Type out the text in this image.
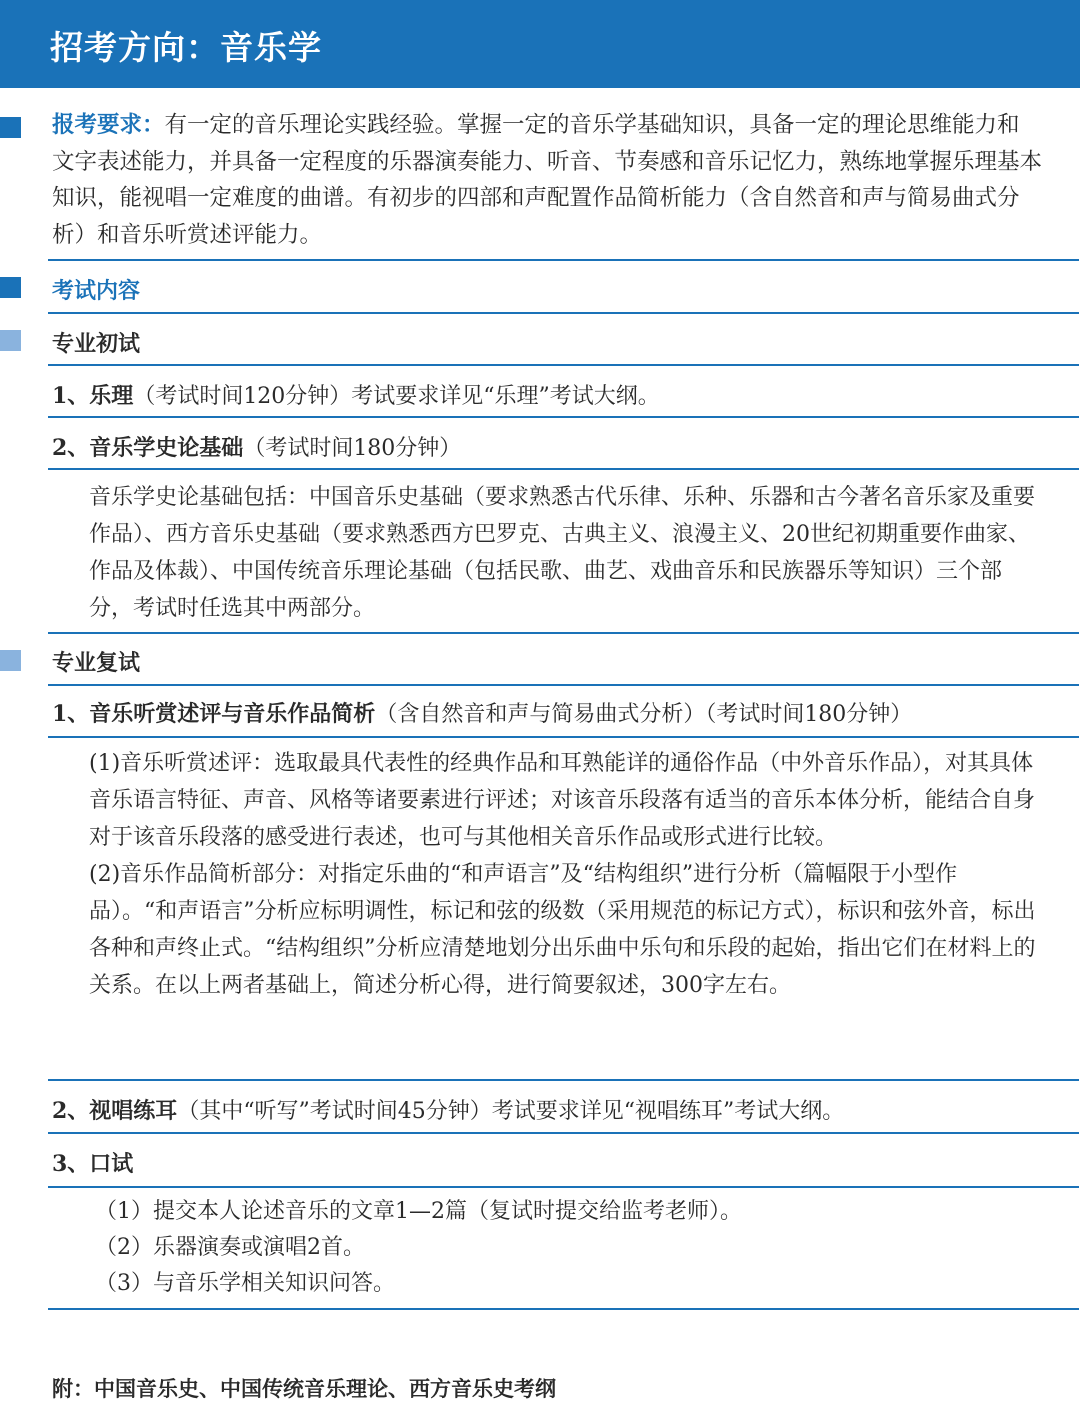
招考方向：音乐学
报考要求：有一定的音乐理论实践经验。掌握一定的音乐学基础知识，具备一定的理论思维能力和文字表述能力，并具备一定程度的乐器演奏能力、听音、节奏感和音乐记忆力，熟练地掌握乐理基本知识，能视唱一定难度的曲谱。有初步的四部和声配置作品简析能力（含自然音和声与简易曲式分析）和音乐听赏述评能力。
考试内容
专业初试
1、乐理（考试时间120分钟）考试要求详见“乐理”考试大纲。
2、音乐学史论基础（考试时间180分钟）
音乐学史论基础包括：中国音乐史基础（要求熟悉古代乐律、乐种、乐器和古今著名音乐家及重要作品）、西方音乐史基础（要求熟悉西方巴罗克、古典主义、浪漫主义、20世纪初期重要作曲家、作品及体裁）、中国传统音乐理论基础（包括民歌、曲艺、戏曲音乐和民族器乐等知识）三个部分，考试时任选其中两部分。
专业复试
1、音乐听赏述评与音乐作品简析（含自然音和声与简易曲式分析）（考试时间180分钟）

(1)音乐听赏述评：选取最具代表性的经典作品和耳熟能详的通俗作品（中外音乐作品），对其具体音乐语言特征、声音、风格等诸要素进行评述；对该音乐段落有适当的音乐本体分析，能结合自身对于该音乐段落的感受进行表述，也可与其他相关音乐作品或形式进行比较。

(2)音乐作品简析部分：对指定乐曲的“和声语言”及“结构组织”进行分析（篇幅限于小型作品）。“和声语言”分析应标明调性，标记和弦的级数（采用规范的标记方式），标识和弦外音，标出各种和声终止式。“结构组织”分析应清楚地划分出乐曲中乐句和乐段的起始，指出它们在材料上的关系。在以上两者基础上，简述分析心得，进行简要叙述，300字左右。

2、视唱练耳（其中“听写”考试时间45分钟）考试要求详见“视唱练耳”考试大纲。
3、口试
（1）提交本人论述音乐的文章1—2篇（复试时提交给监考老师）。
（2）乐器演奏或演唱2首。
（3）与音乐学相关知识问答。
附：中国音乐史、中国传统音乐理论、西方音乐史考纲
